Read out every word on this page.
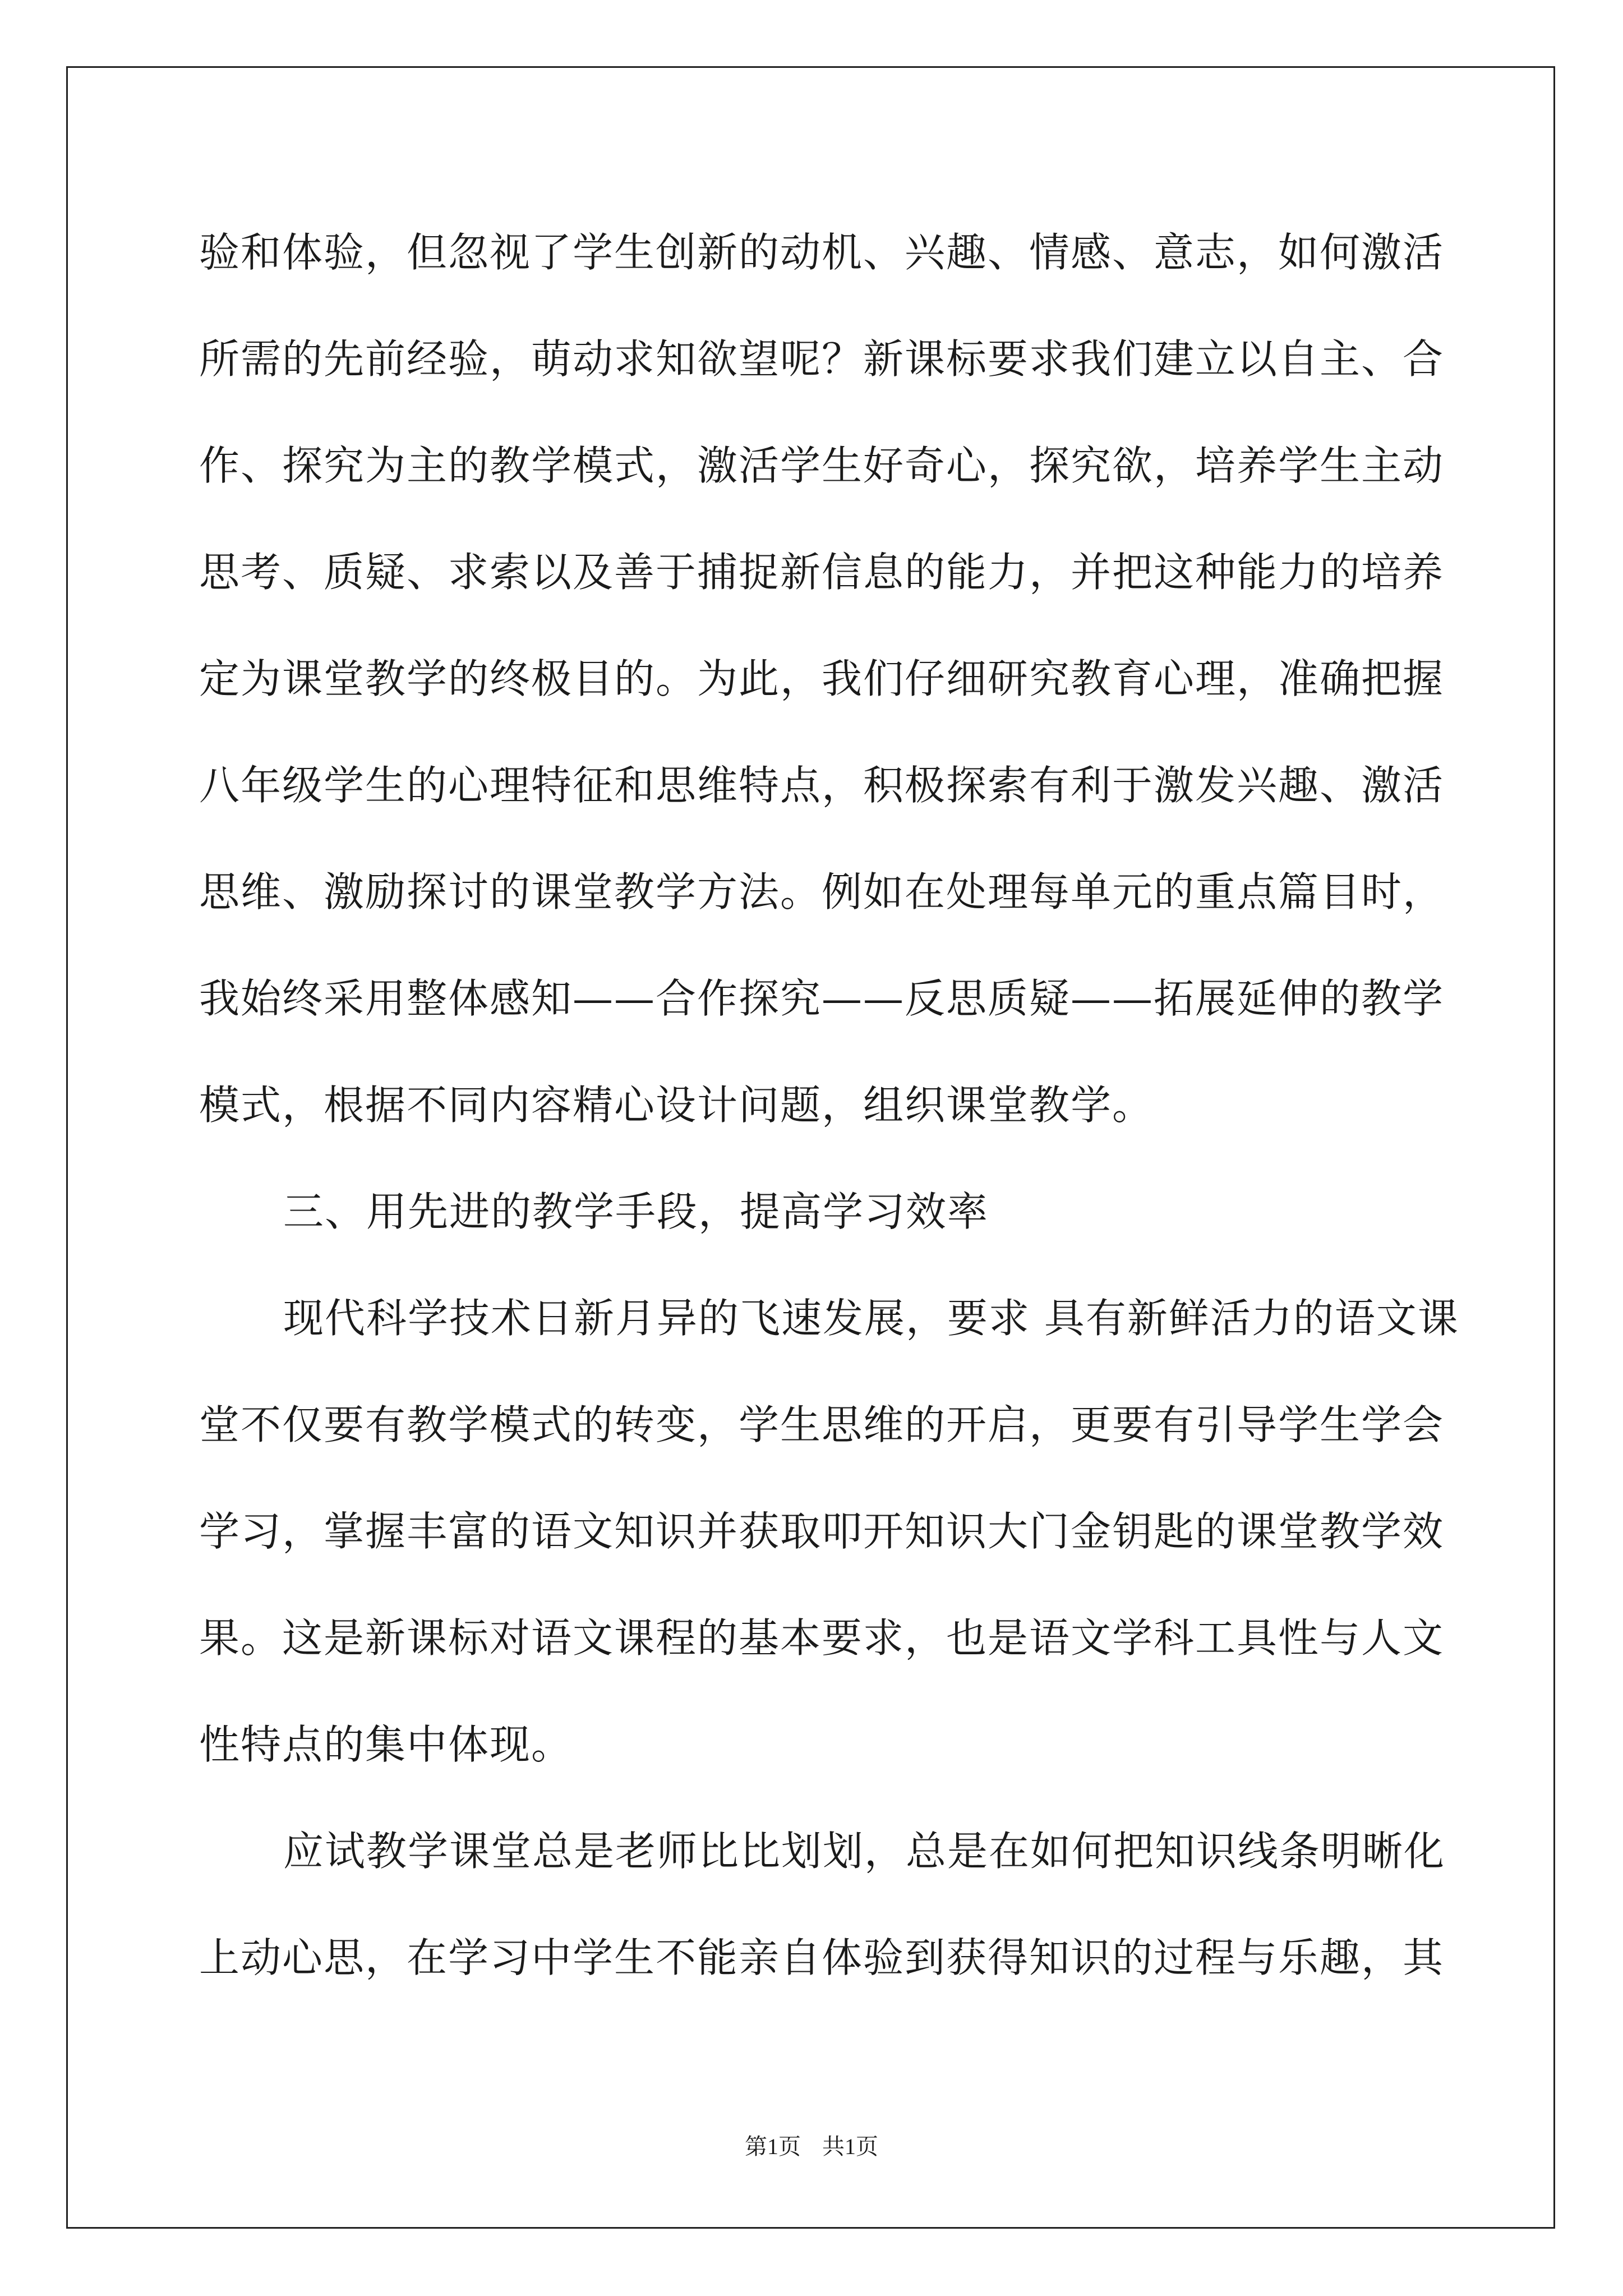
验和体验，但忽视了学生创新的动机、兴趣、情感、意志，如何激活
所需的先前经验，萌动求知欲望呢？新课标要求我们建立以自主、合
作、探究为主的教学模式，激活学生好奇心，探究欲，培养学生主动
思考、质疑、求索以及善于捕捉新信息的能力，并把这种能力的培养
定为课堂教学的终极目的。为此，我们仔细研究教育心理，准确把握
八年级学生的心理特征和思维特点，积极探索有利于激发兴趣、激活
思维、激励探讨的课堂教学方法。例如在处理每单元的重点篇目时，
我始终采用整体感知——合作探究——反思质疑——拓展延伸的教学
模式，根据不同内容精心设计问题，组织课堂教学。
三、用先进的教学手段，提高学习效率
现代科学技术日新月异的飞速发展，要求 具有新鲜活力的语文课
堂不仅要有教学模式的转变，学生思维的开启，更要有引导学生学会
学习，掌握丰富的语文知识并获取叩开知识大门金钥匙的课堂教学效
果。这是新课标对语文课程的基本要求，也是语文学科工具性与人文
性特点的集中体现。
应试教学课堂总是老师比比划划，总是在如何把知识线条明晰化
上动心思，在学习中学生不能亲自体验到获得知识的过程与乐趣，其
第1页 共1页
